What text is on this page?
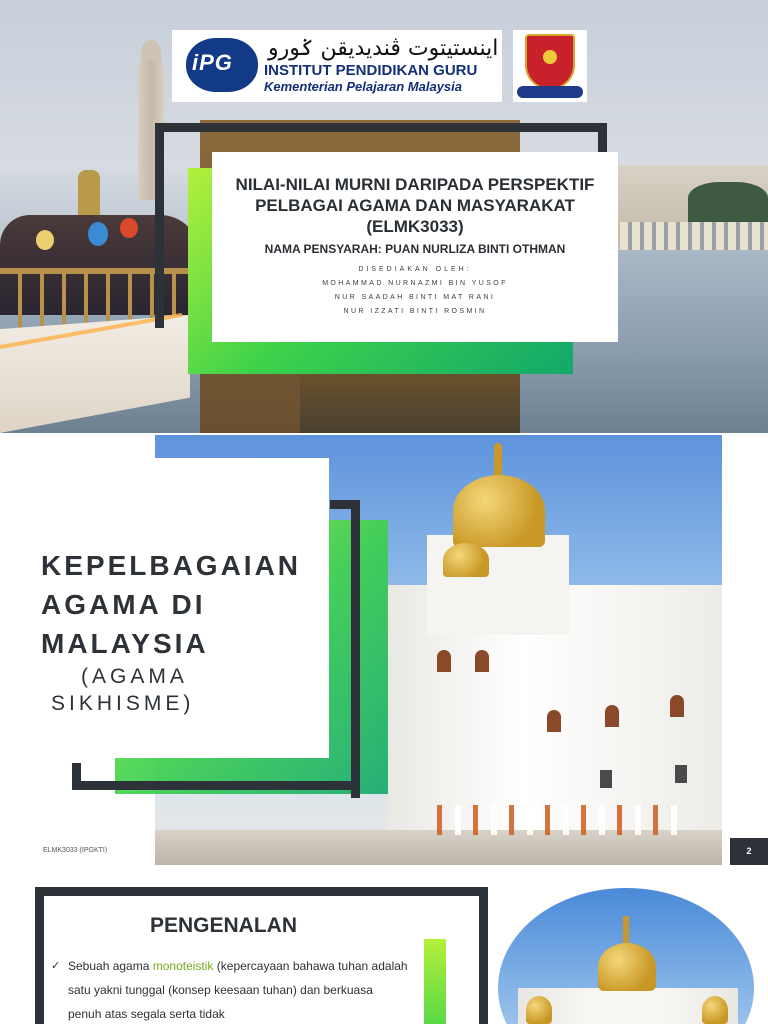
iPG
اينستيتوت ڤنديديقن ݢورو
INSTITUT PENDIDIKAN GURU
Kementerian Pelajaran Malaysia
NILAI-NILAI MURNI DARIPADA PERSPEKTIF PELBAGAI AGAMA DAN MASYARAKAT (ELMK3033)
NAMA PENSYARAH: PUAN NURLIZA BINTI OTHMAN
DISEDIAKAN OLEH:
MOHAMMAD NURNAZMI BIN YUSOF
NUR SAADAH BINTI MAT RANI
NUR IZZATI BINTI ROSMIN
KEPELBAGAIAN
AGAMA DI
MALAYSIA
(AGAMA
SIKHISME)
ELMK3033 (IPGKTI)	2
PENGENALAN
✓ Sebuah agama monoteistik (kepercayaan bahawa tuhan adalah satu yakni tunggal (konsep keesaan tuhan) dan berkuasa penuh atas segala serta tidak
